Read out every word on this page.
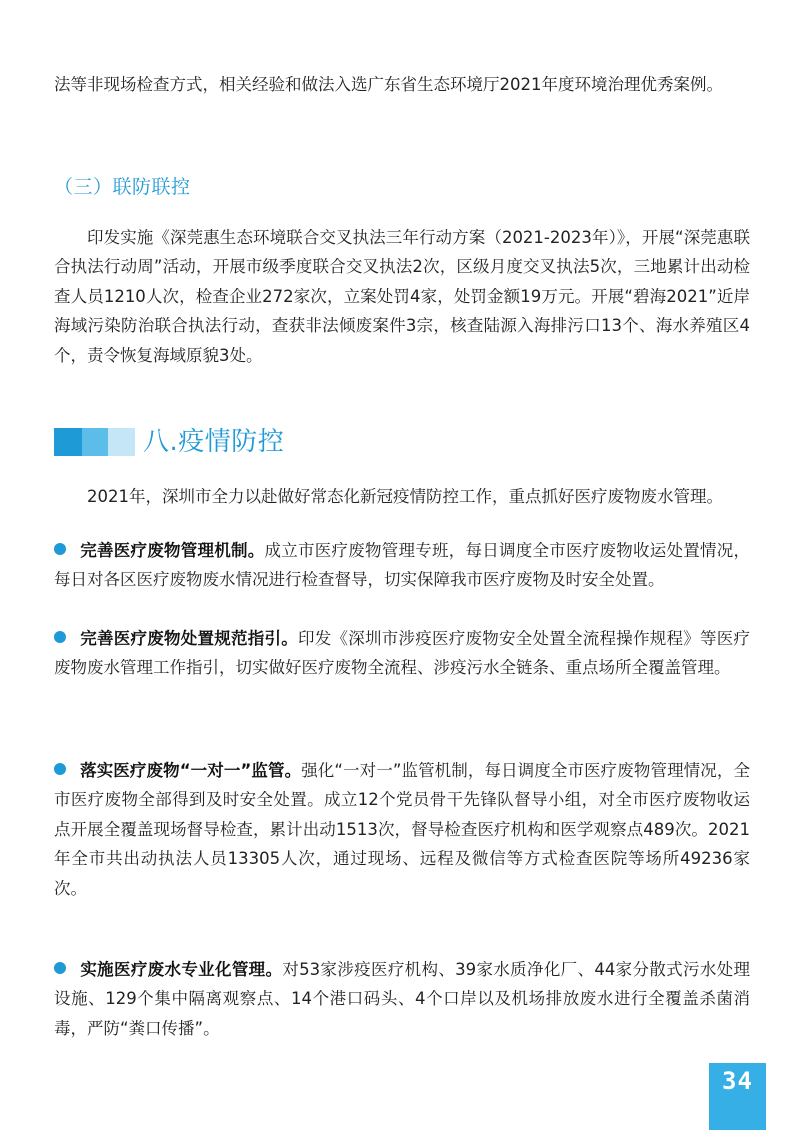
法等非现场检查方式，相关经验和做法入选广东省生态环境厅2021年度环境治理优秀案例。

（三）联防联控

印发实施《深莞惠生态环境联合交叉执法三年行动方案（2021-2023年）》，开展“深莞惠联合执法行动周”活动，开展市级季度联合交叉执法2次，区级月度交叉执法5次，三地累计出动检查人员1210人次，检查企业272家次，立案处罚4家，处罚金额19万元。开展“碧海2021”近岸海域污染防治联合执法行动，查获非法倾废案件3宗，核查陆源入海排污口13个、海水养殖区4个，责令恢复海域原貌3处。

八.疫情防控

2021年，深圳市全力以赴做好常态化新冠疫情防控工作，重点抓好医疗废物废水管理。

完善医疗废物管理机制。成立市医疗废物管理专班，每日调度全市医疗废物收运处置情况，每日对各区医疗废物废水情况进行检查督导，切实保障我市医疗废物及时安全处置。

完善医疗废物处置规范指引。印发《深圳市涉疫医疗废物安全处置全流程操作规程》等医疗废物废水管理工作指引，切实做好医疗废物全流程、涉疫污水全链条、重点场所全覆盖管理。

落实医疗废物“一对一”监管。强化“一对一”监管机制，每日调度全市医疗废物管理情况，全市医疗废物全部得到及时安全处置。成立12个党员骨干先锋队督导小组，对全市医疗废物收运点开展全覆盖现场督导检查，累计出动1513次，督导检查医疗机构和医学观察点489次。2021年全市共出动执法人员13305人次，通过现场、远程及微信等方式检查医院等场所49236家次。

实施医疗废水专业化管理。对53家涉疫医疗机构、39家水质净化厂、44家分散式污水处理设施、129个集中隔离观察点、14个港口码头、4个口岸以及机场排放废水进行全覆盖杀菌消毒，严防“粪口传播”。

34
